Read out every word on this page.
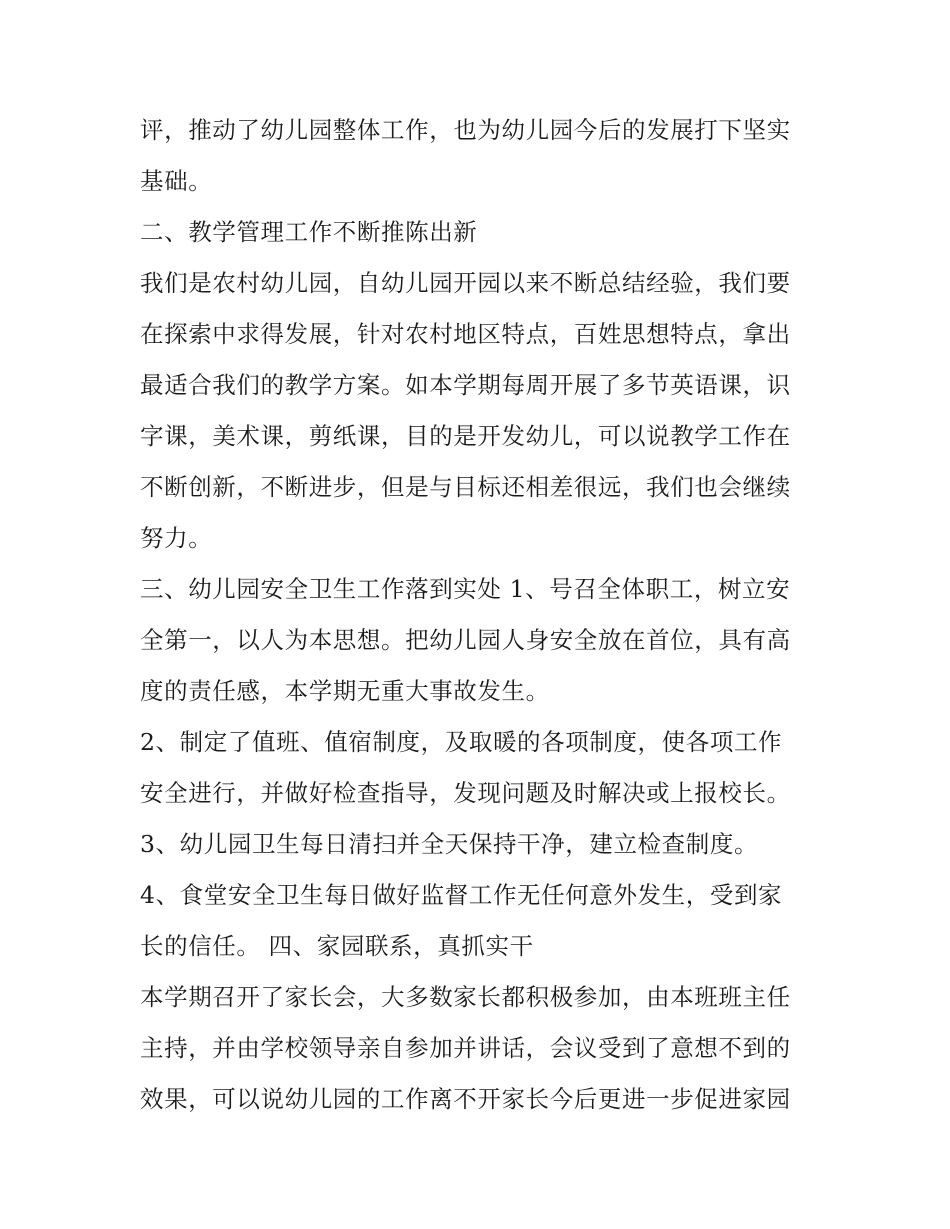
评，推动了幼儿园整体工作，也为幼儿园今后的发展打下坚实
基础。
二、教学管理工作不断推陈出新
我们是农村幼儿园，自幼儿园开园以来不断总结经验，我们要
在探索中求得发展，针对农村地区特点，百姓思想特点，拿出
最适合我们的教学方案。如本学期每周开展了多节英语课，识
字课，美术课，剪纸课，目的是开发幼儿，可以说教学工作在
不断创新，不断进步，但是与目标还相差很远，我们也会继续
努力。
三、幼儿园安全卫生工作落到实处 1、号召全体职工，树立安
全第一，以人为本思想。把幼儿园人身安全放在首位，具有高
度的责任感，本学期无重大事故发生。
2、制定了值班、值宿制度，及取暖的各项制度，使各项工作
安全进行，并做好检查指导，发现问题及时解决或上报校长。
3、幼儿园卫生每日清扫并全天保持干净，建立检查制度。
4、食堂安全卫生每日做好监督工作无任何意外发生，受到家
长的信任。 四、家园联系，真抓实干
本学期召开了家长会，大多数家长都积极参加，由本班班主任
主持，并由学校领导亲自参加并讲话，会议受到了意想不到的
效果，可以说幼儿园的工作离不开家长今后更进一步促进家园
